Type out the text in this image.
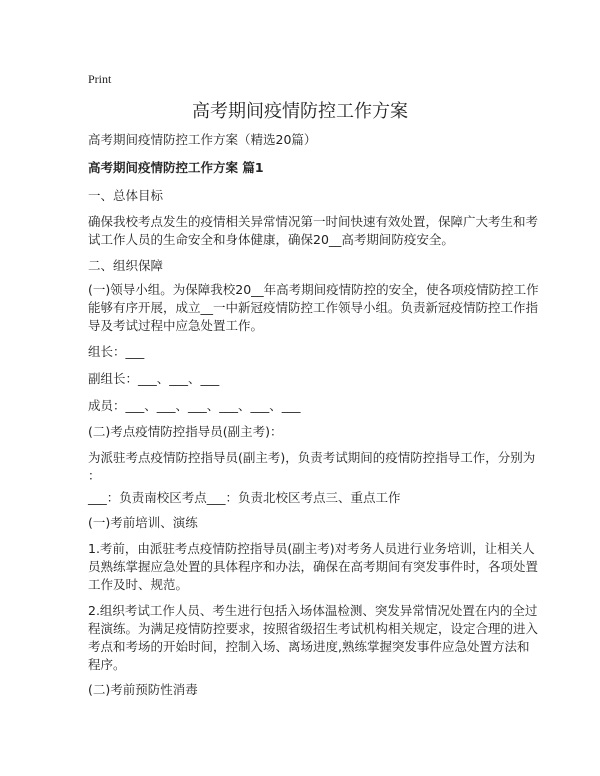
Print
高考期间疫情防控工作方案
高考期间疫情防控工作方案（精选20篇）
高考期间疫情防控工作方案 篇1
一、总体目标
确保我校考点发生的疫情相关异常情况第一时间快速有效处置，保障广大考生和考
试工作人员的生命安全和身体健康，确保20__高考期间防疫安全。
二、组织保障
(一)领导小组。为保障我校20__年高考期间疫情防控的安全，使各项疫情防控工作
能够有序开展，成立__一中新冠疫情防控工作领导小组。负责新冠疫情防控工作指
导及考试过程中应急处置工作。
组长：___
副组长：___、___、___
成员：___、___、___、___、___、___
(二)考点疫情防控指导员(副主考)：
为派驻考点疫情防控指导员(副主考)，负责考试期间的疫情防控指导工作，分别为
：
___：负责南校区考点___：负责北校区考点三、重点工作
(一)考前培训、演练
1.考前，由派驻考点疫情防控指导员(副主考)对考务人员进行业务培训，让相关人
员熟练掌握应急处置的具体程序和办法，确保在高考期间有突发事件时，各项处置
工作及时、规范。
2.组织考试工作人员、考生进行包括入场体温检测、突发异常情况处置在内的全过
程演练。为满足疫情防控要求，按照省级招生考试机构相关规定，设定合理的进入
考点和考场的开始时间，控制入场、离场进度,熟练掌握突发事件应急处置方法和
程序。
(二)考前预防性消毒
